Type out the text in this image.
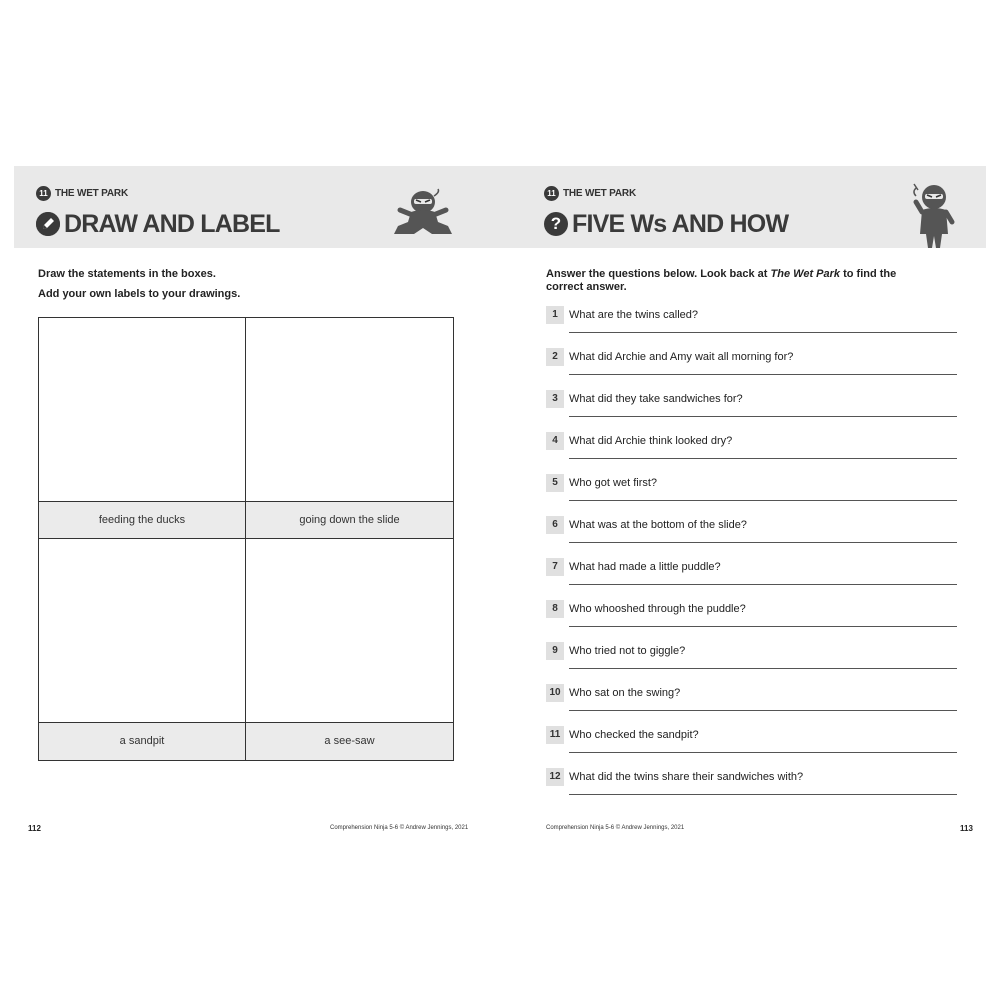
11 THE WET PARK
DRAW AND LABEL
Draw the statements in the boxes.
Add your own labels to your drawings.
feeding the ducks	going down the slide
a sandpit	a see-saw
112	Comprehension Ninja 5-6 © Andrew Jennings, 2021
11 THE WET PARK
? FIVE Ws AND HOW
Answer the questions below. Look back at The Wet Park to find the
correct answer.
113
Comprehension Ninja 5-6 © Andrew Jennings, 2021
1	What are the twins called?
2	What did Archie and Amy wait all morning for?
3	What did they take sandwiches for?
4	What did Archie think looked dry?
5	Who got wet first?
6	What was at the bottom of the slide?
7	What had made a little puddle?
8	Who whooshed through the puddle?
9	Who tried not to giggle?
10 Who sat on the swing?
11 Who checked the sandpit?
12 What did the twins share their sandwiches with?
